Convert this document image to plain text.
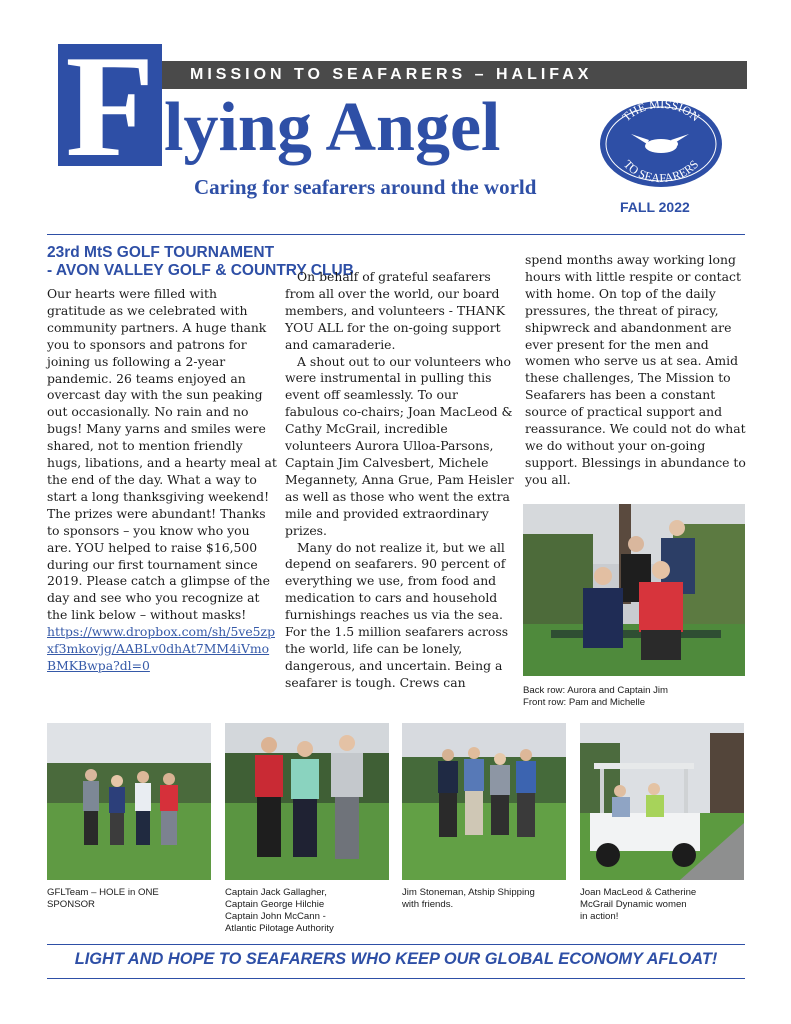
F	MISSION TO SEAFARERS – HALIFAX
lying Angel
Caring for seafarers around the world
THE MISSION
TO SEAFARERS
FALL 2022
23rd MtS GOLF TOURNAMENT
- AVON VALLEY GOLF & COUNTRY CLUB

Our hearts were filled with gratitude as we celebrated with community partners. A huge thank you to sponsors and patrons for joining us following a 2-year pandemic. 26 teams enjoyed an overcast day with the sun peaking out occasionally. No rain and no bugs! Many yarns and smiles were shared, not to mention friendly hugs, libations, and a hearty meal at the end of the day. What a way to start a long thanksgiving weekend! The prizes were abundant! Thanks to sponsors – you know who you are. YOU helped to raise $16,500 during our first tournament since 2019. Please catch a glimpse of the day and see who you recognize at the link below – without masks!

https://www.dropbox.com/sh/5ve5zpxf3mkovjg/AABLv0dhAt7MM4iVmoBMKBwpa?dl=0

On behalf of grateful seafarers from all over the world, our board members, and volunteers - THANK YOU ALL for the on-going support and camaraderie.

A shout out to our volunteers who were instrumental in pulling this event off seamlessly. To our fabulous co-chairs; Joan MacLeod & Cathy McGrail, incredible volunteers Aurora Ulloa-Parsons, Captain Jim Calvesbert, Michele Megannety, Anna Grue, Pam Heisler as well as those who went the extra mile and provided extraordinary prizes.

Many do not realize it, but we all depend on seafarers. 90 percent of everything we use, from food and medication to cars and household furnishings reaches us via the sea. For the 1.5 million seafarers across the world, life can be lonely, dangerous, and uncertain. Being a seafarer is tough. Crews can

spend months away working long hours with little respite or contact with home. On top of the daily pressures, the threat of piracy, shipwreck and abandonment are ever present for the men and women who serve us at sea. Amid these challenges, The Mission to Seafarers has been a constant source of practical support and reassurance. We could not do what we do without your on-going support. Blessings in abundance to you all.

Back row: Aurora and Captain Jim
Front row: Pam and Michelle
GFLTeam – HOLE in ONE
SPONSOR
Captain Jack Gallagher,
Captain George Hilchie
Captain John McCann -
Atlantic Pilotage Authority
Jim Stoneman, Atship Shipping
with friends.
Joan MacLeod & Catherine
McGrail Dynamic women
in action!
LIGHT AND HOPE TO SEAFARERS WHO KEEP OUR GLOBAL ECONOMY AFLOAT!
